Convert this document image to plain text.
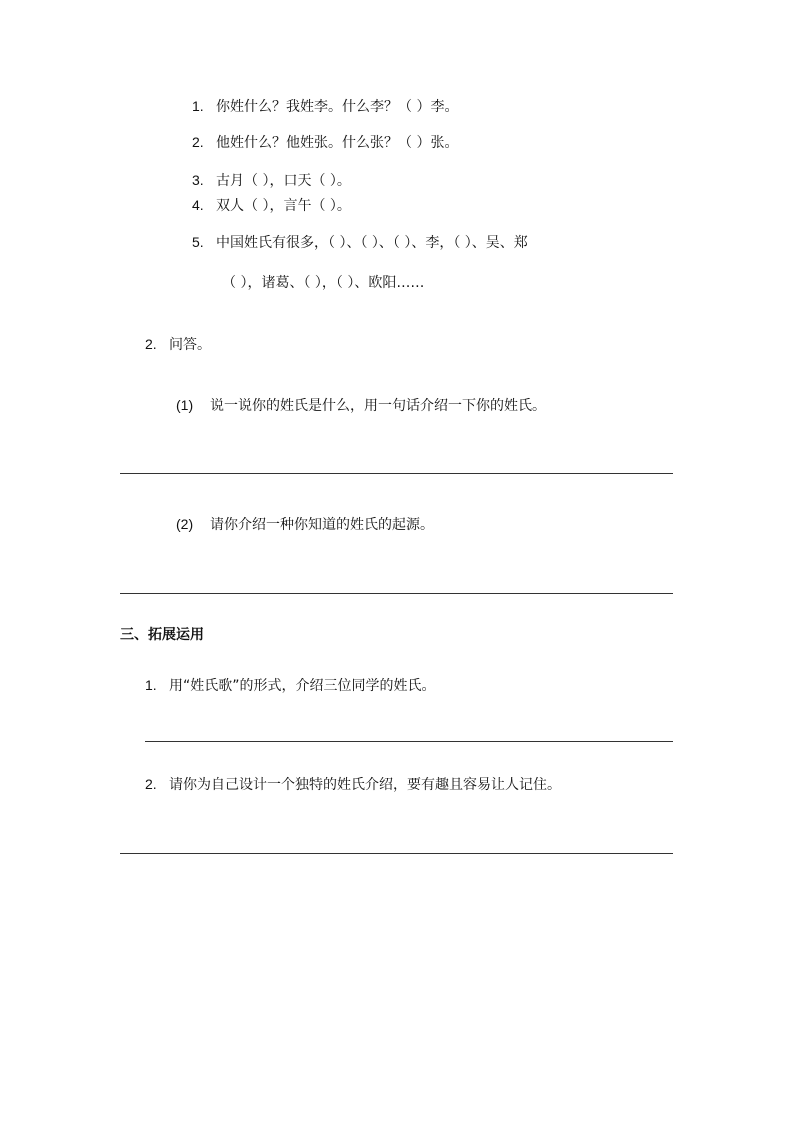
1. 你姓什么？我姓李。什么李？（ ）李。
2. 他姓什么？他姓张。什么张？（ ）张。
3. 古月（ ），口天（ ）。
4. 双人（ ），言午（ ）。
5. 中国姓氏有很多，（ ）、（ ）、（ ）、李，（ ）、吴、郑
（ ），诸葛、（ ），（ ）、欧阳……
2. 问答。
(1) 说一说你的姓氏是什么，用一句话介绍一下你的姓氏。
(2) 请你介绍一种你知道的姓氏的起源。
三、拓展运用
1. 用“姓氏歌”的形式，介绍三位同学的姓氏。
2. 请你为自己设计一个独特的姓氏介绍，要有趣且容易让人记住。
